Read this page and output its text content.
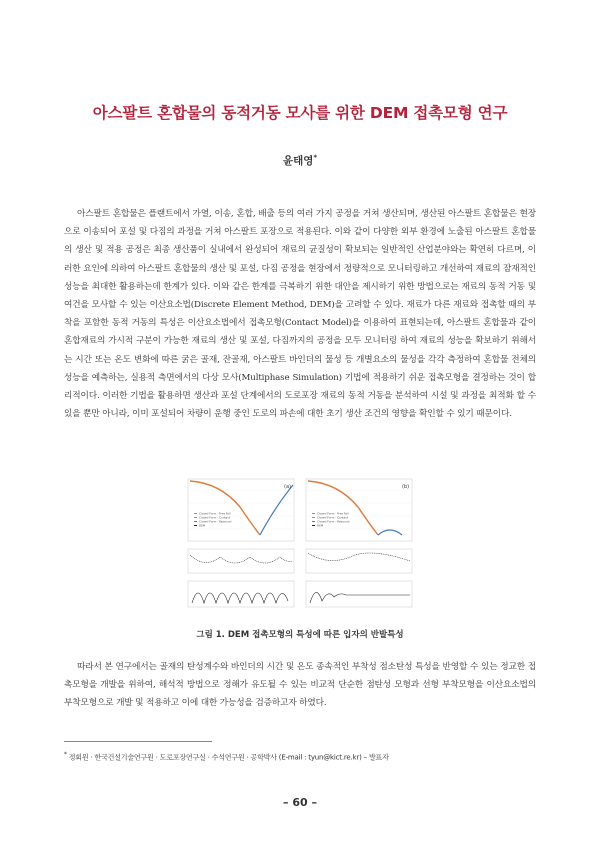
아스팔트 혼합물의 동적거동 모사를 위한 DEM 접촉모형 연구
윤태영*
아스팔트 혼합물은 플랜트에서 가열, 이송, 혼합, 배출 등의 여러 가지 공정을 거쳐 생산되며, 생산된 아스팔트 혼합물은 현장으로 이송되어 포설 및 다짐의 과정을 거쳐 아스팔트 포장으로 적용된다. 이와 같이 다양한 외부 환경에 노출된 아스팔트 혼합물의 생산 및 적용 공정은 최종 생산품이 실내에서 완성되어 재료의 균질성이 확보되는 일반적인 산업분야와는 확연히 다르며, 이러한 요인에 의하여 아스팔트 혼합물의 생산 및 포설, 다짐 공정을 현장에서 정량적으로 모니터링하고 개선하여 재료의 잠재적인 성능을 최대한 활용하는데 한계가 있다. 이와 같은 한계를 극복하기 위한 대안을 제시하기 위한 방법으로는 재료의 동적 거동 및 여건을 모사할 수 있는 이산요소법(Discrete Element Method, DEM)을 고려할 수 있다. 재료가 다른 재료와 접촉할 때의 부착을 포함한 동적 거동의 특성은 이산요소법에서 접촉모형(Contact Model)을 이용하여 표현되는데, 아스팔트 혼합물과 같이 혼합재료의 가시적 구분이 가능한 재료의 생산 및 포설, 다짐까지의 공정을 모두 모니터링 하여 재료의 성능을 확보하기 위해서는 시간 또는 온도 변화에 따른 굵은 골재, 잔골재, 아스팔트 바인더의 물성 등 개별요소의 물성을 각각 측정하여 혼합물 전체의 성능을 예측하는, 실용적 측면에서의 다상 모사(Multiphase Simulation) 기법에 적용하기 쉬운 접촉모형을 결정하는 것이 합리적이다. 이러한 기법을 활용하면 생산과 포설 단계에서의 도로포장 재료의 동적 거동을 분석하여 시설 및 과정을 최적화 할 수 있을 뿐만 아니라, 이미 포설되어 차량이 운행 중인 도로의 파손에 대한 초기 생산 조건의 영향을 확인할 수 있기 때문이다.
(a)
Closed Form - Free Fall
Closed Form - Contact
Closed Form - Rebound
DEM
(b)
Closed Form - Free Fall
Closed Form - Contact
Closed Form - Rebound
DEM
그림 1. DEM 접촉모형의 특성에 따른 입자의 반발특성
따라서 본 연구에서는 골재의 탄성계수와 바인더의 시간 및 온도 종속적인 부착성 점소탄성 특성을 반영할 수 있는 정교한 접촉모형을 개발을 위하여, 해석적 방법으로 정해가 유도될 수 있는 비교적 단순한 점탄성 모형과 선형 부착모형을 이산요소법의 부착모형으로 개발 및 적용하고 이에 대한 가능성을 검증하고자 하였다.
* 정회원 · 한국건설기술연구원 · 도로포장연구실 · 수석연구원 · 공학박사 (E-mail : tyun@kict.re.kr) – 발표자
– 60 –
